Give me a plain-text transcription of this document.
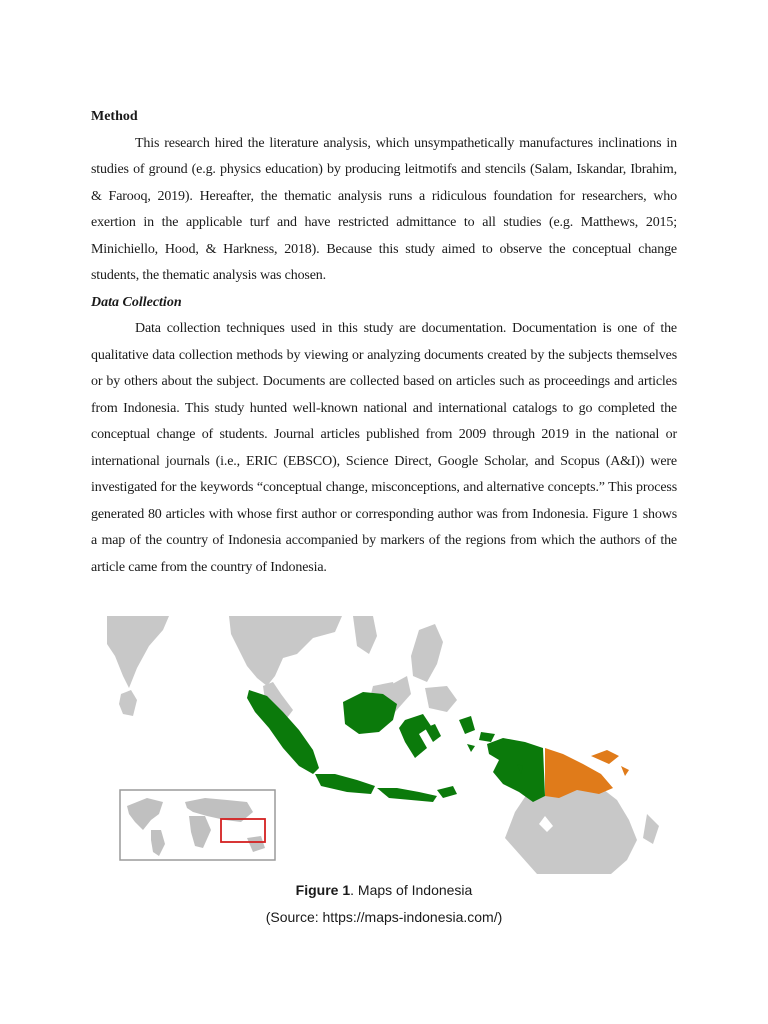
Method

This research hired the literature analysis, which unsympathetically manufactures inclinations in studies of ground (e.g. physics education) by producing leitmotifs and stencils (Salam, Iskandar, Ibrahim, & Farooq, 2019). Hereafter, the thematic analysis runs a ridiculous foundation for researchers, who exertion in the applicable turf and have restricted admittance to all studies (e.g. Matthews, 2015; Minichiello, Hood, & Harkness, 2018). Because this study aimed to observe the conceptual change students, the thematic analysis was chosen.

Data Collection

Data collection techniques used in this study are documentation. Documentation is one of the qualitative data collection methods by viewing or analyzing documents created by the subjects themselves or by others about the subject. Documents are collected based on articles such as proceedings and articles from Indonesia. This study hunted well-known national and international catalogs to go completed the conceptual change of students. Journal articles published from 2009 through 2019 in the national or international journals (i.e., ERIC (EBSCO), Science Direct, Google Scholar, and Scopus (A&I)) were investigated for the keywords “conceptual change, misconceptions, and alternative concepts.” This process generated 80 articles with whose first author or corresponding author was from Indonesia. Figure 1 shows a map of the country of Indonesia accompanied by markers of the regions from which the authors of the article came from the country of Indonesia.

Figure 1. Maps of Indonesia
(Source: https://maps-indonesia.com/)
